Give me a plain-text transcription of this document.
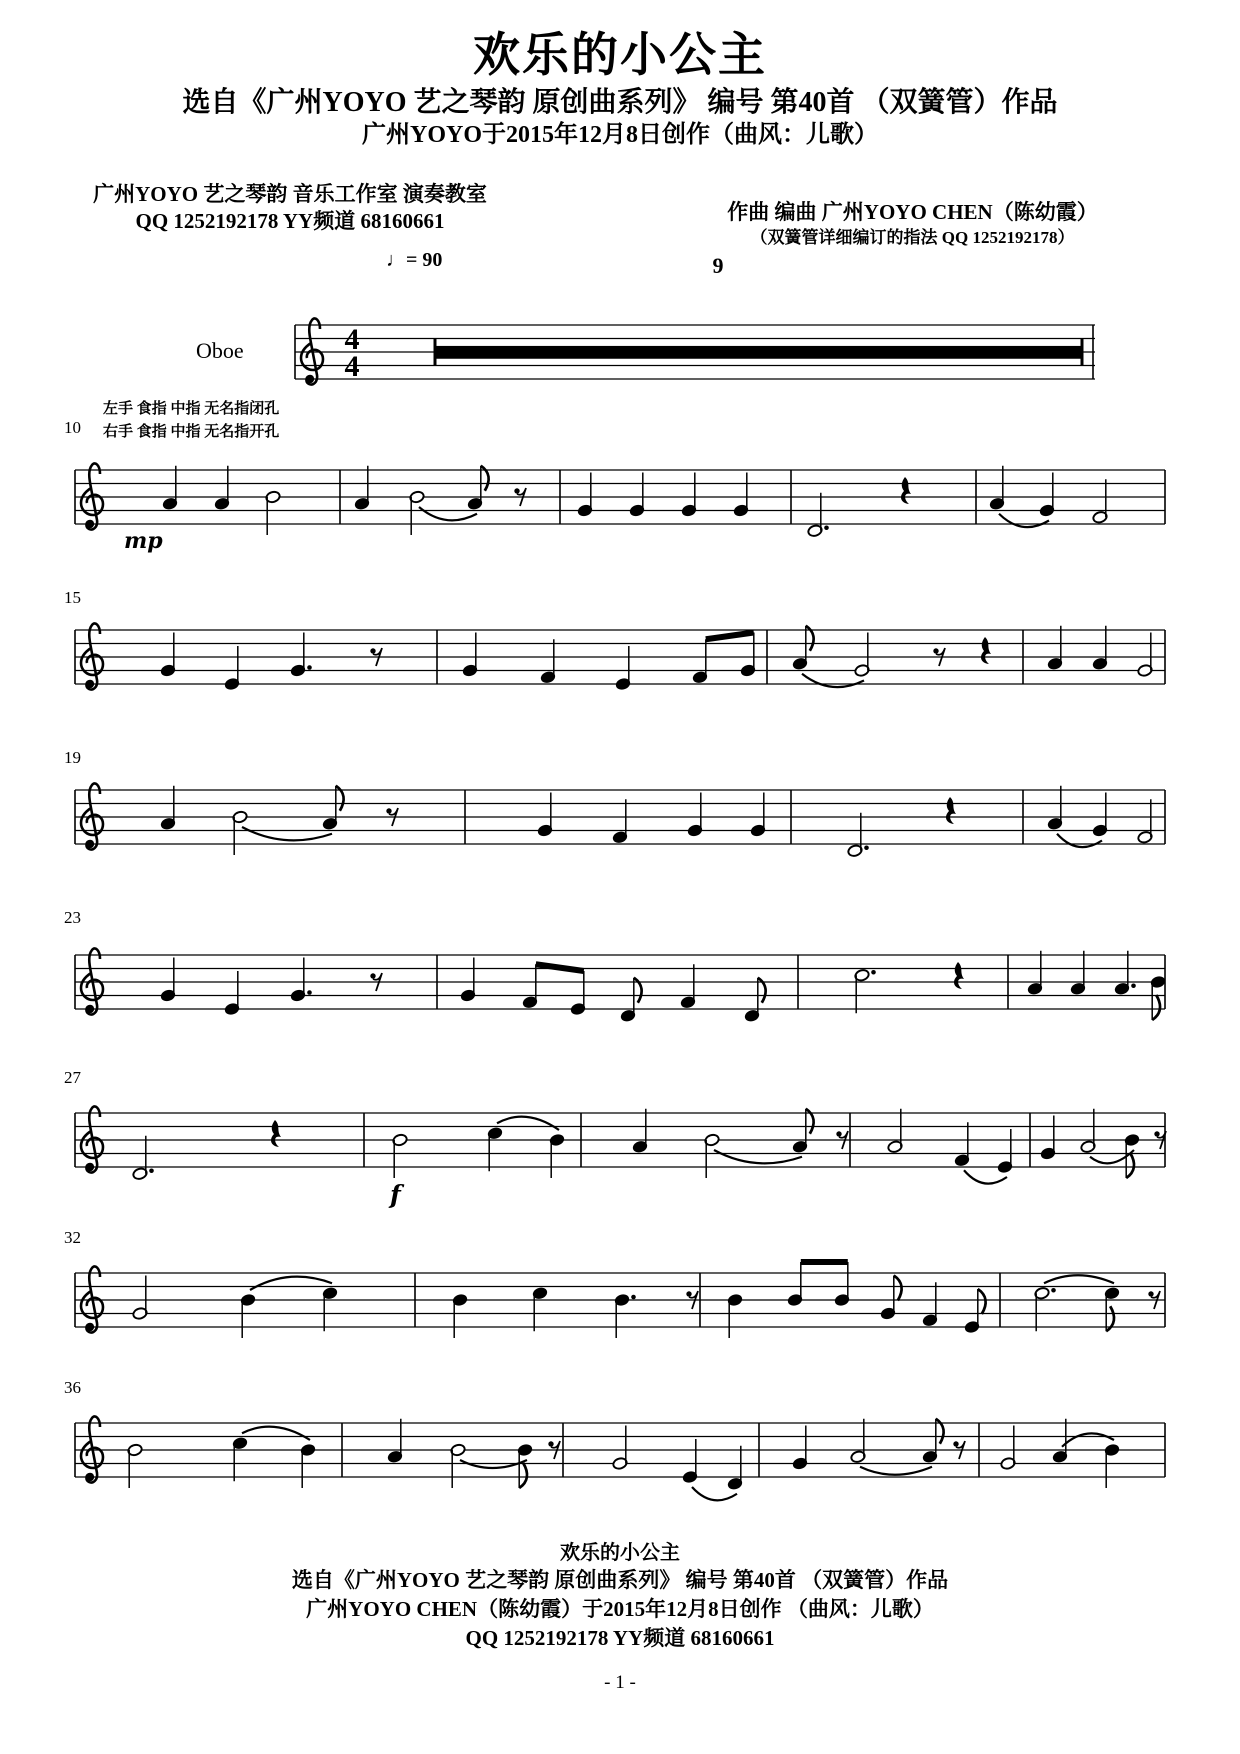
欢乐的小公主
选自《广州YOYO 艺之琴韵 原创曲系列》 编号 第40首 （双簧管）作品
广州YOYO于2015年12月8日创作（曲风：儿歌）
广州YOYO 艺之琴韵 音乐工作室 演奏教室
QQ 1252192178 YY频道 68160661	作曲 编曲 广州YOYO CHEN（陈幼霞）
（双簧管详细编订的指法 QQ 1252192178）
♩= 90	9
Oboe
左手 食指 中指 无名指闭孔
右手 食指 中指 无名指开孔
10
15
19
23
27
32
36
mp
f
4
4
欢乐的小公主
选自《广州YOYO 艺之琴韵 原创曲系列》 编号 第40首 （双簧管）作品
广州YOYO CHEN（陈幼霞）于2015年12月8日创作 （曲风：儿歌）
QQ 1252192178 YY频道 68160661
- 1 -
